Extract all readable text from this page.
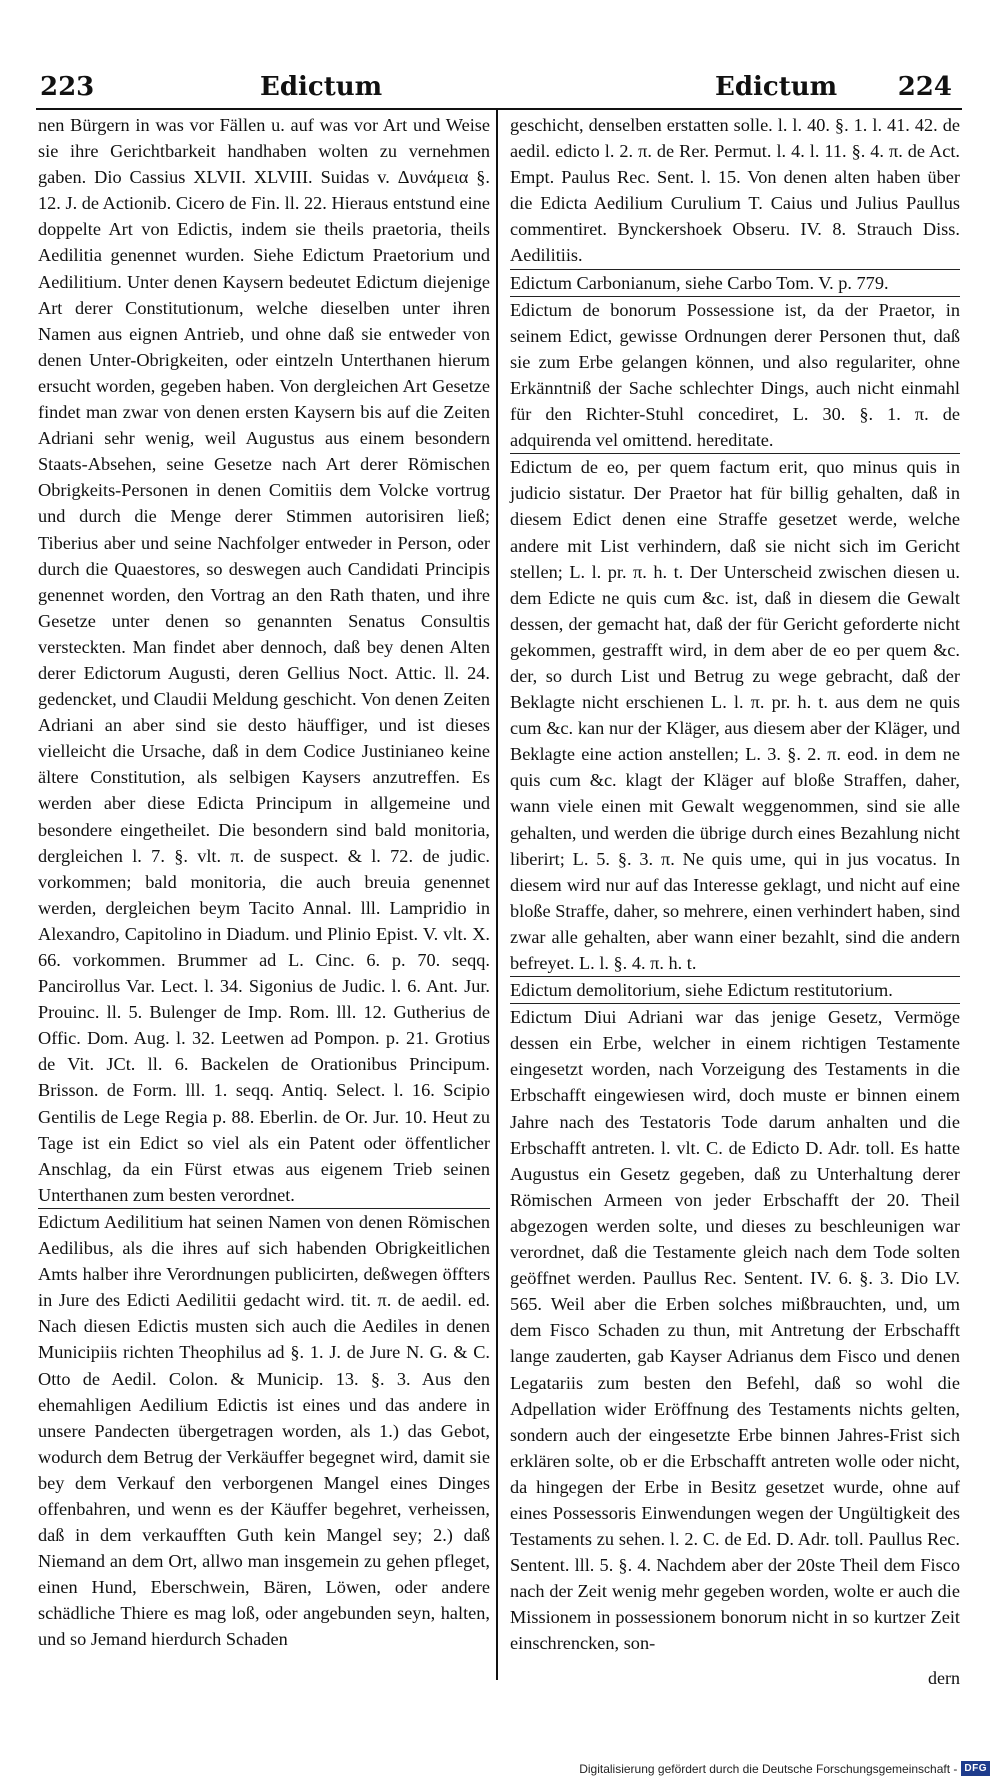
223	Edictum	Edictum 224

nen Bürgern in was vor Fällen u. auf was vor Art und Weise sie ihre Gerichtbarkeit handhaben wolten zu vernehmen gaben. Dio Cassius XLVII. XLVIII. Suidas v. Δυνάμεια §. 12. J. de Actionib. Cicero de Fin. ll. 22. Hieraus entstund eine doppelte Art von Edictis, indem sie theils praetoria, theils Aedilitia genennet wurden. Siehe Edictum Praetorium und Aedilitium. Unter denen Kaysern bedeutet Edictum diejenige Art derer Constitutionum, welche dieselben unter ihren Namen aus eignen Antrieb, und ohne daß sie entweder von denen Unter-Obrigkeiten, oder eintzeln Unterthanen hierum ersucht worden, gegeben haben. Von dergleichen Art Gesetze findet man zwar von denen ersten Kaysern bis auf die Zeiten Adriani sehr wenig, weil Augustus aus einem besondern Staats-Absehen, seine Gesetze nach Art derer Römischen Obrigkeits-Personen in denen Comitiis dem Volcke vortrug und durch die Menge derer Stimmen autorisiren ließ; Tiberius aber und seine Nachfolger entweder in Person, oder durch die Quaestores, so deswegen auch Candidati Principis genennet worden, den Vortrag an den Rath thaten, und ihre Gesetze unter denen so genannten Senatus Consultis versteckten. Man findet aber dennoch, daß bey denen Alten derer Edictorum Augusti, deren Gellius Noct. Attic. ll. 24. gedencket, und Claudii Meldung geschicht. Von denen Zeiten Adriani an aber sind sie desto häuffiger, und ist dieses vielleicht die Ursache, daß in dem Codice Justinianeo keine ältere Constitution, als selbigen Kaysers anzutreffen. Es werden aber diese Edicta Principum in allgemeine und besondere eingetheilet. Die besondern sind bald monitoria, dergleichen l. 7. §. vlt. π. de suspect. & l. 72. de judic. vorkommen; bald monitoria, die auch breuia genennet werden, dergleichen beym Tacito Annal. lll. Lampridio in Alexandro, Capitolino in Diadum. und Plinio Epist. V. vlt. X. 66. vorkommen. Brummer ad L. Cinc. 6. p. 70. seqq. Pancirollus Var. Lect. l. 34. Sigonius de Judic. l. 6. Ant. Jur. Prouinc. ll. 5. Bulenger de Imp. Rom. lll. 12. Gutherius de Offic. Dom. Aug. l. 32. Leetwen ad Pompon. p. 21. Grotius de Vit. JCt. ll. 6. Backelen de Orationibus Principum. Brisson. de Form. lll. 1. seqq. Antiq. Select. l. 16. Scipio Gentilis de Lege Regia p. 88. Eberlin. de Or. Jur. 10. Heut zu Tage ist ein Edict so viel als ein Patent oder öffentlicher Anschlag, da ein Fürst etwas aus eigenem Trieb seinen Unterthanen zum besten verordnet.

Edictum Aedilitium hat seinen Namen von denen Römischen Aedilibus, als die ihres auf sich habenden Obrigkeitlichen Amts halber ihre Verordnungen publicirten, deßwegen öffters in Jure des Edicti Aedilitii gedacht wird. tit. π. de aedil. ed. Nach diesen Edictis musten sich auch die Aediles in denen Municipiis richten Theophilus ad §. 1. J. de Jure N. G. & C. Otto de Aedil. Colon. & Municip. 13. §. 3. Aus den ehemahligen Aedilium Edictis ist eines und das andere in unsere Pandecten übergetragen worden, als 1.) das Gebot, wodurch dem Betrug der Verkäuffer begegnet wird, damit sie bey dem Verkauf den verborgenen Mangel eines Dinges offenbahren, und wenn es der Käuffer begehret, verheissen, daß in dem verkaufften Guth kein Mangel sey; 2.) daß Niemand an dem Ort, allwo man insgemein zu gehen pfleget, einen Hund, Eberschwein, Bären, Löwen, oder andere schädliche Thiere es mag loß, oder angebunden seyn, halten, und so Jemand hierdurch Schaden

geschicht, denselben erstatten solle. l. l. 40. §. 1. l. 41. 42. de aedil. edicto l. 2. π. de Rer. Permut. l. 4. l. 11. §. 4. π. de Act. Empt. Paulus Rec. Sent. l. 15. Von denen alten haben über die Edicta Aedilium Curulium T. Caius und Julius Paullus commentiret. Bynckershoek Obseru. IV. 8. Strauch Diss. Aedilitiis.

Edictum Carbonianum, siehe Carbo Tom. V. p. 779.

Edictum de bonorum Possessione ist, da der Praetor, in seinem Edict, gewisse Ordnungen derer Personen thut, daß sie zum Erbe gelangen können, und also regulariter, ohne Erkänntniß der Sache schlechter Dings, auch nicht einmahl für den Richter-Stuhl concediret, L. 30. §. 1. π. de adquirenda vel omittend. hereditate.

Edictum de eo, per quem factum erit, quo minus quis in judicio sistatur. Der Praetor hat für billig gehalten, daß in diesem Edict denen eine Straffe gesetzet werde, welche andere mit List verhindern, daß sie nicht sich im Gericht stellen; L. l. pr. π. h. t. Der Unterscheid zwischen diesen u. dem Edicte ne quis cum &c. ist, daß in diesem die Gewalt dessen, der gemacht hat, daß der für Gericht geforderte nicht gekommen, gestrafft wird, in dem aber de eo per quem &c. der, so durch List und Betrug zu wege gebracht, daß der Beklagte nicht erschienen L. l. π. pr. h. t. aus dem ne quis cum &c. kan nur der Kläger, aus diesem aber der Kläger, und Beklagte eine action anstellen; L. 3. §. 2. π. eod. in dem ne quis cum &c. klagt der Kläger auf bloße Straffen, daher, wann viele einen mit Gewalt weggenommen, sind sie alle gehalten, und werden die übrige durch eines Bezahlung nicht liberirt; L. 5. §. 3. π. Ne quis ume, qui in jus vocatus. In diesem wird nur auf das Interesse geklagt, und nicht auf eine bloße Straffe, daher, so mehrere, einen verhindert haben, sind zwar alle gehalten, aber wann einer bezahlt, sind die andern befreyet. L. l. §. 4. π. h. t.

Edictum demolitorium, siehe Edictum restitutorium.

Edictum Diui Adriani war das jenige Gesetz, Vermöge dessen ein Erbe, welcher in einem richtigen Testamente eingesetzt worden, nach Vorzeigung des Testaments in die Erbschafft eingewiesen wird, doch muste er binnen einem Jahre nach des Testatoris Tode darum anhalten und die Erbschafft antreten. l. vlt. C. de Edicto D. Adr. toll. Es hatte Augustus ein Gesetz gegeben, daß zu Unterhaltung derer Römischen Armeen von jeder Erbschafft der 20. Theil abgezogen werden solte, und dieses zu beschleunigen war verordnet, daß die Testamente gleich nach dem Tode solten geöffnet werden. Paullus Rec. Sentent. IV. 6. §. 3. Dio LV. 565. Weil aber die Erben solches mißbrauchten, und, um dem Fisco Schaden zu thun, mit Antretung der Erbschafft lange zauderten, gab Kayser Adrianus dem Fisco und denen Legatariis zum besten den Befehl, daß so wohl die Adpellation wider Eröffnung des Testaments nichts gelten, sondern auch der eingesetzte Erbe binnen Jahres-Frist sich erklären solte, ob er die Erbschafft antreten wolle oder nicht, da hingegen der Erbe in Besitz gesetzet wurde, ohne auf eines Possessoris Einwendungen wegen der Ungültigkeit des Testaments zu sehen. l. 2. C. de Ed. D. Adr. toll. Paullus Rec. Sentent. lll. 5. §. 4. Nachdem aber der 20ste Theil dem Fisco nach der Zeit wenig mehr gegeben worden, wolte er auch die Missionem in possessionem bonorum nicht in so kurtzer Zeit einschrencken, son-

dern
Digitalisierung gefördert durch die Deutsche Forschungsgemeinschaft - DFG
